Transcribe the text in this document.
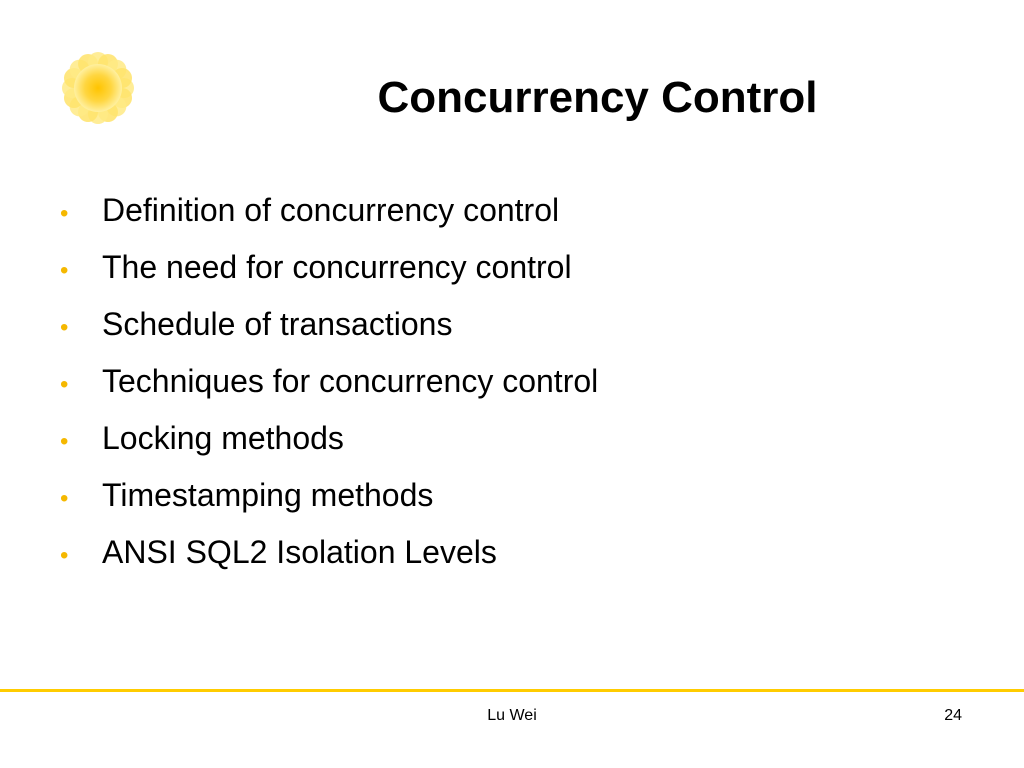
Concurrency Control
•	Definition of concurrency control
•	The need for concurrency control
•	Schedule of transactions
•	Techniques for concurrency control
•	Locking methods
•	Timestamping methods
•	ANSI SQL2 Isolation Levels
Lu Wei	24
